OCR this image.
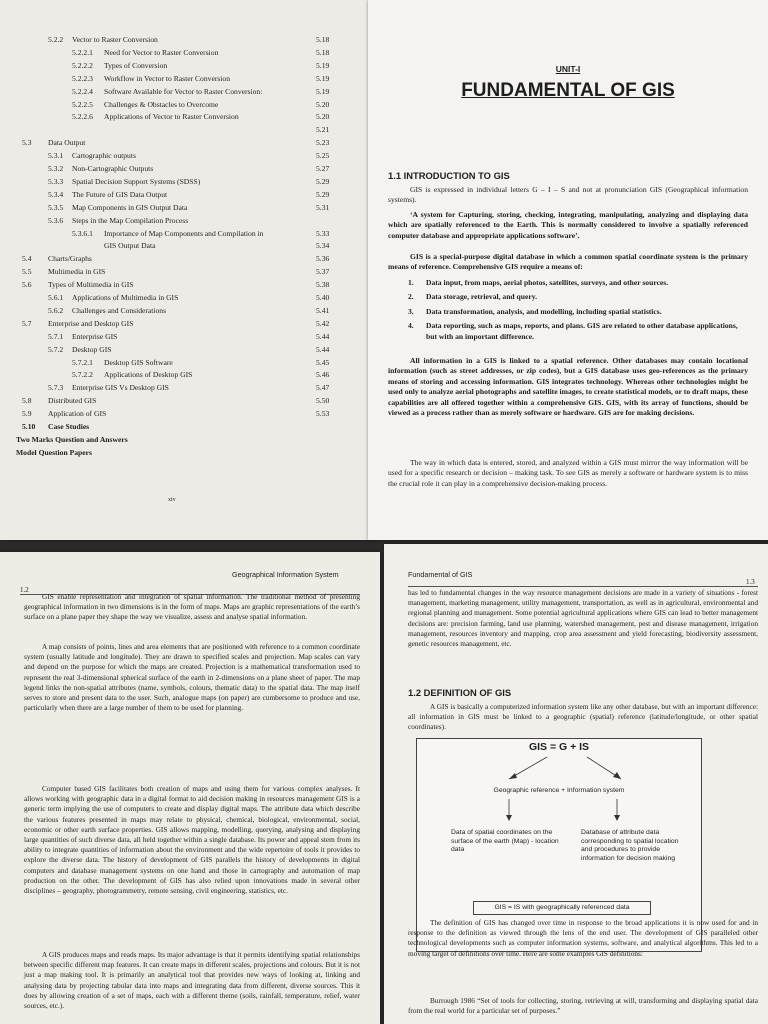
5.2.2 Vector to Raster Conversion	5.18
5.2.2.1 Need for Vector to Raster Conversion	5.18
5.2.2.2 Types of Conversion	5.19
5.2.2.3 Workflow in Vector to Raster Conversion	5.19
5.2.2.4 Software Available for Vector to Raster Conversion:	5.19
5.2.2.5 Challenges & Obstacles to Overcome	5.20
5.2.2.6 Applications of Vector to Raster Conversion	5.20
5.21
5.3 Data Output	5.23
5.3.1 Cartographic outputs	5.25
5.3.2 Non-Cartographic Outputs	5.27
5.3.3 Spatial Decision Support Systems (SDSS)	5.29
5.3.4 The Future of GIS Data Output	5.29
5.3.5 Map Components in GIS Output Data	5.31
5.3.6 Steps in the Map Compilation Process
5.3.6.1 Importance of Map Components and Compilation in	5.33
GIS Output Data	5.34
5.4 Charts/Graphs	5.36
5.5 Multimedia in GIS	5.37
5.6 Types of Multimedia in GIS	5.38
5.6.1 Applications of Multimedia in GIS	5.40
5.6.2 Challenges and Considerations	5.41
5.7 Enterprise and Desktop GIS	5.42
5.7.1 Enterprise GIS	5.44
5.7.2 Desktop GIS	5.44
5.7.2.1 Desktop GIS Software	5.45
5.7.2.2 Applications of Desktop GIS	5.46
5.7.3 Enterprise GIS Vs Desktop GIS	5.47
5.8 Distributed GIS	5.50
5.9 Application of GIS	5.53
5.10 Case Studies
Two Marks Question and Answers
Model Question Papers
xiv
UNIT-I
FUNDAMENTAL OF GIS
1.1 INTRODUCTION TO GIS
GIS is expressed in individual letters G – I – S and not at pronunciation GIS (Geographical information systems).
‘A system for Capturing, storing, checking, integrating, manipulating, analyzing and displaying data which are spatially referenced to the Earth. This is normally considered to involve a spatially referenced computer database and appropriate applications software’.
GIS is a special-purpose digital database in which a common spatial coordinate system is the primary means of reference. Comprehensive GIS require a means of:
1. Data input, from maps, aerial photos, satellites, surveys, and other sources.
2. Data storage, retrieval, and query.
3. Data transformation, analysis, and modelling, including spatial statistics.
4. Data reporting, such as maps, reports, and plans. GIS are related to other database applications, but with an important difference.
All information in a GIS is linked to a spatial reference. Other databases may contain locational information (such as street addresses, or zip codes), but a GIS database uses geo-references as the primary means of storing and accessing information. GIS integrates technology. Whereas other technologies might be used only to analyze aerial photographs and satellite images, to create statistical models, or to draft maps, these capabilities are all offered together within a comprehensive GIS. GIS, with its array of functions, should be viewed as a process rather than as merely software or hardware. GIS are for making decisions.
The way in which data is entered, stored, and analyzed within a GIS must mirror the way information will be used for a specific research or decision – making task. To see GIS as merely a software or hardware system is to miss the crucial role it can play in a comprehensive decision-making process.
Geographical Information System
1.2
GIS enable representation and integration of spatial information. The traditional method of presenting geographical information in two dimensions is in the form of maps. Maps are graphic representations of the earth’s surface on a plane paper they shape the way we visualize, assess and analyse spatial information.
A map consists of points, lines and area elements that are positioned with reference to a common coordinate system (usually latitude and longitude). They are drawn to specified scales and projection. Map scales can vary and depend on the purpose for which the maps are created. Projection is a mathematical transformation used to represent the real 3-dimensional spherical surface of the earth in 2-dimensions on a plane sheet of paper. The map legend links the non-spatial attributes (name, symbols, colours, thematic data) to the spatial data. The map itself serves to store and present data to the user. Such, analogue maps (on paper) are cumbersome to produce and use, particularly when there are a large number of them to be used for planning.
Computer based GIS facilitates both creation of maps and using them for various complex analyses. It allows working with geographic data in a digital format to aid decision making in resources management GIS is a generic term implying the use of computers to create and display digital maps. The attribute data which describe the various features presented in maps may relate to physical, chemical, biological, environmental, social, economic or other earth surface properties. GIS allows mapping, modelling, querying, analysing and displaying large quantities of such diverse data, all held together within a single database. Its power and appeal stem from its ability to integrate quantities of information about the environment and the wide repertoire of tools it provides to explore the diverse data. The history of development of GIS parallels the history of developments in digital computers and database management systems on one hand and those in cartography and automation of map production on the other. The development of GIS has also relied upon innovations made in several other disciplines – geography, photogrammetry, remote sensing, civil engineering, statistics, etc.
A GIS produces maps and reads maps. Its major advantage is that it permits identifying spatial relationships between specific different map features. It can create maps in different scales, projections and colours. But it is not just a map making tool. It is primarily an analytical tool that provides new ways of looking at, linking and analysing data by projecting tabular data into maps and integrating data from different, diverse sources. This it does by allowing creation of a set of maps, each with a different theme (soils, rainfall, temperature, relief, water sources, etc.).
Fundamental of GIS
1.3
has led to fundamental changes in the way resource management decisions are made in a variety of situations - forest management, marketing management, utility management, transportation, as well as in agricultural, environmental and regional planning and management. Some potential agricultural applications where GIS can lead to better management decisions are: precision farming, land use planning, watershed management, pest and disease management, irrigation management, resources inventory and mapping, crop area assessment and yield forecasting, biodiversity assessment, genetic resources management, etc.
1.2 DEFINITION OF GIS
A GIS is basically a computerized information system like any other database, but with an important difference: all information in GIS must be linked to a geographic (spatial) reference (latitude/longitude, or other spatial coordinates).
GIS = G + IS
Geographic reference + Information system
Data of spatial coordinates on the surface of the earth (Map) - location data
Database of attribute data corresponding to spatial location and procedures to provide information for decision making
GIS = IS with geographically referenced data
The definition of GIS has changed over time in response to the broad applications it is now used for and in response to the definition as viewed through the lens of the end user. The development of GIS paralleled other technological developments such as computer information systems, software, and analytical algorithms. This led to a moving target of definitions over time. Here are some examples GIS definitions:
Burrough 1986 “Set of tools for collecting, storing, retrieving at will, transforming and displaying spatial data from the real world for a particular set of purposes.”
